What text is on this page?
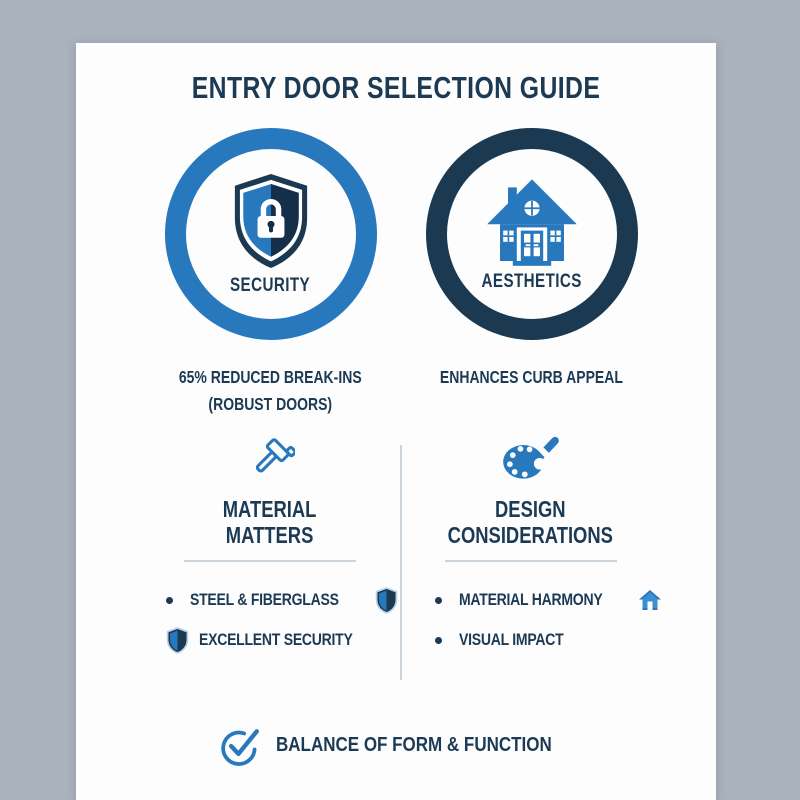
ENTRY DOOR SELECTION GUIDE
SECURITY
65% REDUCED BREAK-INS
(ROBUST DOORS)
AESTHETICS
ENHANCES CURB APPEAL
MATERIAL
MATTERS
STEEL & FIBERGLASS
EXCELLENT SECURITY
DESIGN
CONSIDERATIONS
MATERIAL HARMONY
VISUAL IMPACT
BALANCE OF FORM & FUNCTION
